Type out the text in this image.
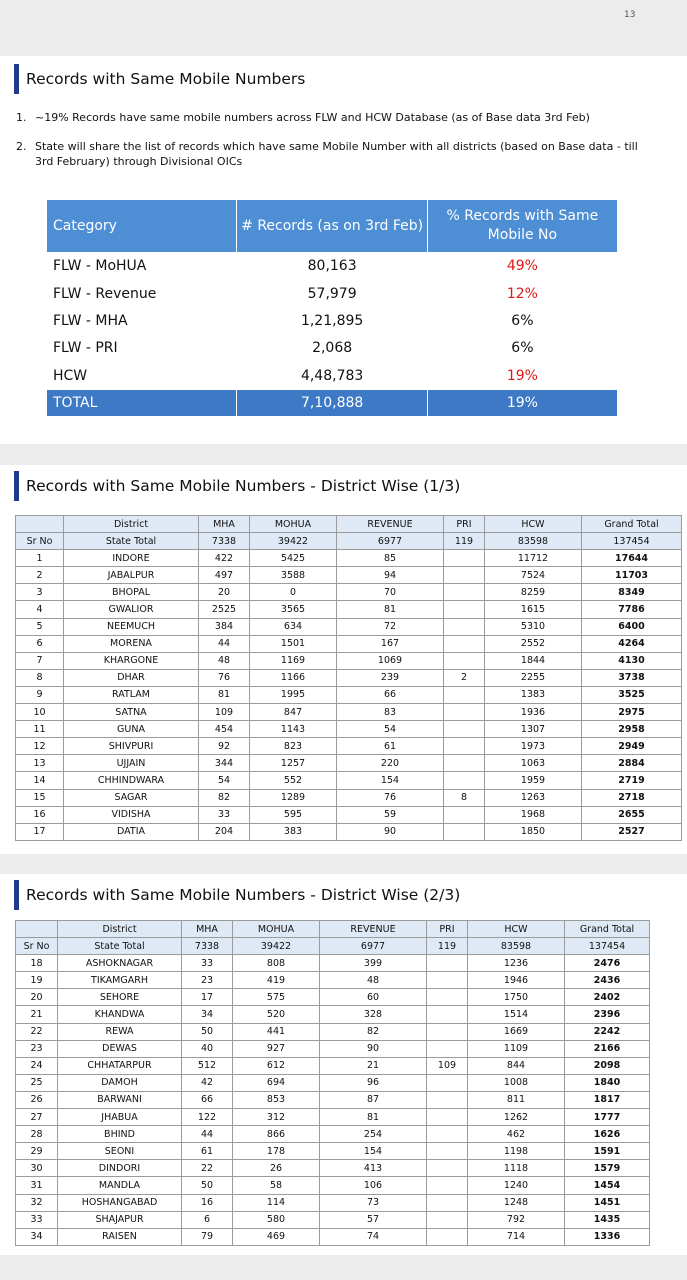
13
Records with Same Mobile Numbers
1. ~19% Records have same mobile numbers across FLW and HCW Database (as of Base data 3rd Feb)
2. State will share the list of records which have same Mobile Number with all districts (based on Base data - till 3rd February) through Divisional OICs
Category	# Records (as on 3rd Feb)	% Records with Same Mobile No
FLW - MoHUA	80,163	49%
FLW - Revenue	57,979	12%
FLW - MHA	1,21,895	6%
FLW - PRI	2,068	6%
HCW	4,48,783	19%
TOTAL	7,10,888	19%
Records with Same Mobile Numbers - District Wise (1/3)
	District	MHA	MOHUA	REVENUE	PRI	HCW	Grand Total
Sr No	State Total	7338	39422	6977	119	83598	137454
1	INDORE	422	5425	85		11712	17644
2	JABALPUR	497	3588	94		7524	11703
3	BHOPAL	20	0	70		8259	8349
4	GWALIOR	2525	3565	81		1615	7786
5	NEEMUCH	384	634	72		5310	6400
6	MORENA	44	1501	167		2552	4264
7	KHARGONE	48	1169	1069		1844	4130
8	DHAR	76	1166	239	2	2255	3738
9	RATLAM	81	1995	66		1383	3525
10	SATNA	109	847	83		1936	2975
11	GUNA	454	1143	54		1307	2958
12	SHIVPURI	92	823	61		1973	2949
13	UJJAIN	344	1257	220		1063	2884
14	CHHINDWARA	54	552	154		1959	2719
15	SAGAR	82	1289	76	8	1263	2718
16	VIDISHA	33	595	59		1968	2655
17	DATIA	204	383	90		1850	2527
Records with Same Mobile Numbers - District Wise (2/3)
	District	MHA	MOHUA	REVENUE	PRI	HCW	Grand Total
Sr No	State Total	7338	39422	6977	119	83598	137454
18	ASHOKNAGAR	33	808	399		1236	2476
19	TIKAMGARH	23	419	48		1946	2436
20	SEHORE	17	575	60		1750	2402
21	KHANDWA	34	520	328		1514	2396
22	REWA	50	441	82		1669	2242
23	DEWAS	40	927	90		1109	2166
24	CHHATARPUR	512	612	21	109	844	2098
25	DAMOH	42	694	96		1008	1840
26	BARWANI	66	853	87		811	1817
27	JHABUA	122	312	81		1262	1777
28	BHIND	44	866	254		462	1626
29	SEONI	61	178	154		1198	1591
30	DINDORI	22	26	413		1118	1579
31	MANDLA	50	58	106		1240	1454
32	HOSHANGABAD	16	114	73		1248	1451
33	SHAJAPUR	6	580	57		792	1435
34	RAISEN	79	469	74		714	1336
